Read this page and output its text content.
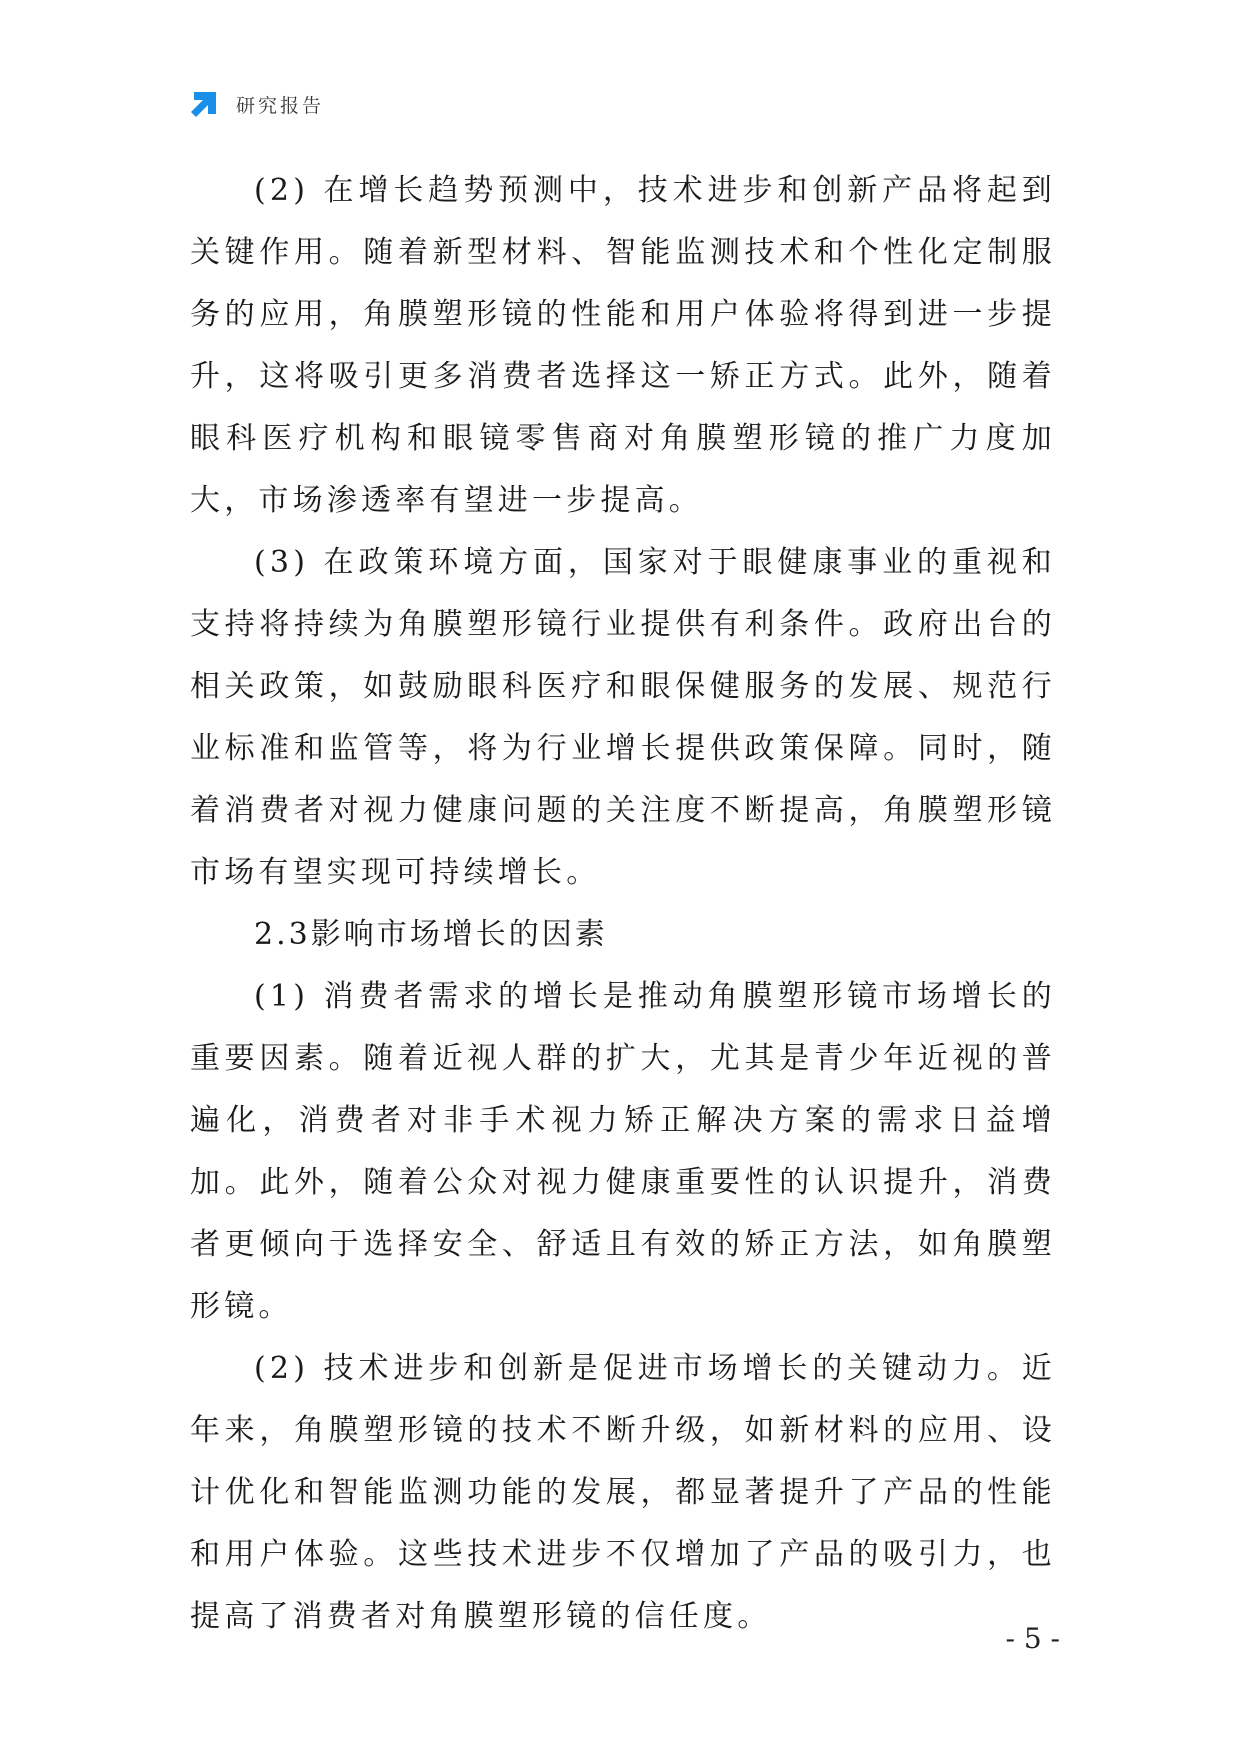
研究报告

(2) 在增长趋势预测中，技术进步和创新产品将起到关键作用。随着新型材料、智能监测技术和个性化定制服务的应用，角膜塑形镜的性能和用户体验将得到进一步提升，这将吸引更多消费者选择这一矫正方式。此外，随着眼科医疗机构和眼镜零售商对角膜塑形镜的推广力度加大，市场渗透率有望进一步提高。

(3) 在政策环境方面，国家对于眼健康事业的重视和支持将持续为角膜塑形镜行业提供有利条件。政府出台的相关政策，如鼓励眼科医疗和眼保健服务的发展、规范行业标准和监管等，将为行业增长提供政策保障。同时，随着消费者对视力健康问题的关注度不断提高，角膜塑形镜市场有望实现可持续增长。

2.3影响市场增长的因素

(1) 消费者需求的增长是推动角膜塑形镜市场增长的重要因素。随着近视人群的扩大，尤其是青少年近视的普遍化，消费者对非手术视力矫正解决方案的需求日益增加。此外，随着公众对视力健康重要性的认识提升，消费者更倾向于选择安全、舒适且有效的矫正方法，如角膜塑形镜。

(2) 技术进步和创新是促进市场增长的关键动力。近年来，角膜塑形镜的技术不断升级，如新材料的应用、设计优化和智能监测功能的发展，都显著提升了产品的性能和用户体验。这些技术进步不仅增加了产品的吸引力，也提高了消费者对角膜塑形镜的信任度。

- 5 -
